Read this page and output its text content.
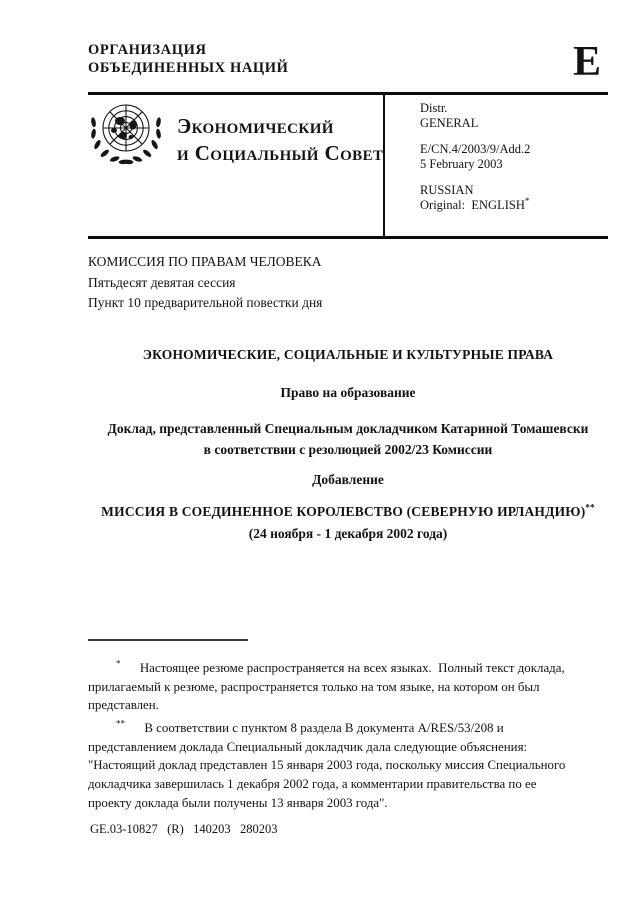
ОРГАНИЗАЦИЯ
ОБЪЕДИНЕННЫХ НАЦИЙ	E
Экономический
и Социальный Совет
Distr.
GENERAL
E/CN.4/2003/9/Add.2
5 February 2003
RUSSIAN
Original:  ENGLISH*
КОМИССИЯ ПО ПРАВАМ ЧЕЛОВЕКА
Пятьдесят девятая сессия
Пункт 10 предварительной повестки дня
ЭКОНОМИЧЕСКИЕ, СОЦИАЛЬНЫЕ И КУЛЬТУРНЫЕ ПРАВА
Право на образование
Доклад, представленный Специальным докладчиком Катариной Томашевски
в соответствии с резолюцией 2002/23 Комиссии
Добавление
МИССИЯ В СОЕДИНЕННОЕ КОРОЛЕВСТВО (СЕВЕРНУЮ ИРЛАНДИЮ)**
(24 ноября - 1 декабря 2002 года)

*      Настоящее резюме распространяется на всех языках.  Полный текст доклада, прилагаемый к резюме, распространяется только на том языке, на котором он был представлен.

**      В соответствии с пунктом 8 раздела В документа A/RES/53/208 и представлением доклада Специальный докладчик дала следующие объяснения:  "Настоящий доклад представлен 15 января 2003 года, поскольку миссия Специального докладчика завершилась 1 декабря 2002 года, а комментарии правительства по ее проекту доклада были получены 13 января 2003 года".

GE.03-10827   (R)   140203   280203
